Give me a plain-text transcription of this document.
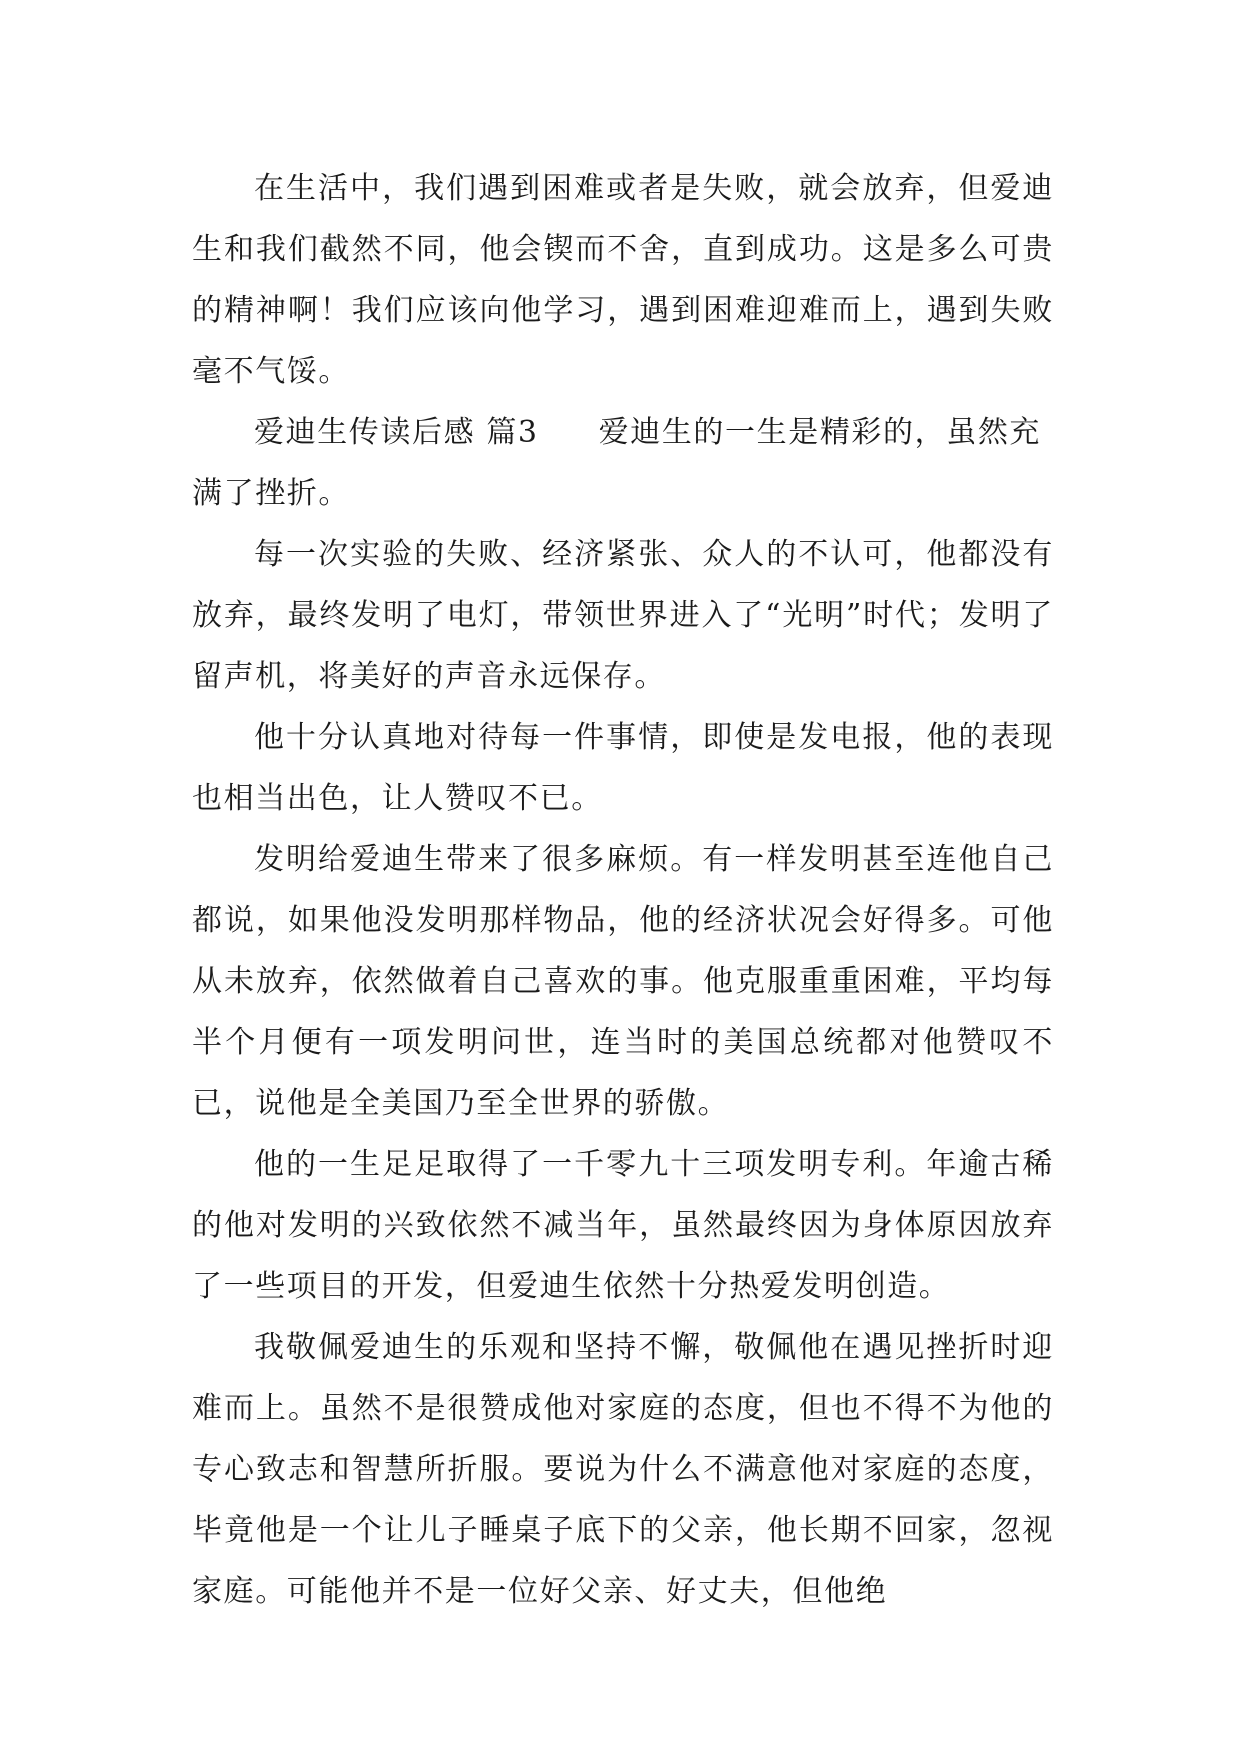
在生活中，我们遇到困难或者是失败，就会放弃，但爱迪生和我们截然不同，他会锲而不舍，直到成功。这是多么可贵的精神啊！我们应该向他学习，遇到困难迎难而上，遇到失败毫不气馁。

爱迪生传读后感 篇3 爱迪生的一生是精彩的，虽然充满了挫折。

每一次实验的失败、经济紧张、众人的不认可，他都没有放弃，最终发明了电灯，带领世界进入了“光明”时代；发明了留声机，将美好的声音永远保存。

他十分认真地对待每一件事情，即使是发电报，他的表现也相当出色，让人赞叹不已。

发明给爱迪生带来了很多麻烦。有一样发明甚至连他自己都说，如果他没发明那样物品，他的经济状况会好得多。可他从未放弃，依然做着自己喜欢的事。他克服重重困难，平均每半个月便有一项发明问世，连当时的美国总统都对他赞叹不已，说他是全美国乃至全世界的骄傲。

他的一生足足取得了一千零九十三项发明专利。年逾古稀的他对发明的兴致依然不减当年，虽然最终因为身体原因放弃了一些项目的开发，但爱迪生依然十分热爱发明创造。

我敬佩爱迪生的乐观和坚持不懈，敬佩他在遇见挫折时迎难而上。虽然不是很赞成他对家庭的态度，但也不得不为他的专心致志和智慧所折服。要说为什么不满意他对家庭的态度，毕竟他是一个让儿子睡桌子底下的父亲，他长期不回家，忽视家庭。可能他并不是一位好父亲、好丈夫，但他绝
